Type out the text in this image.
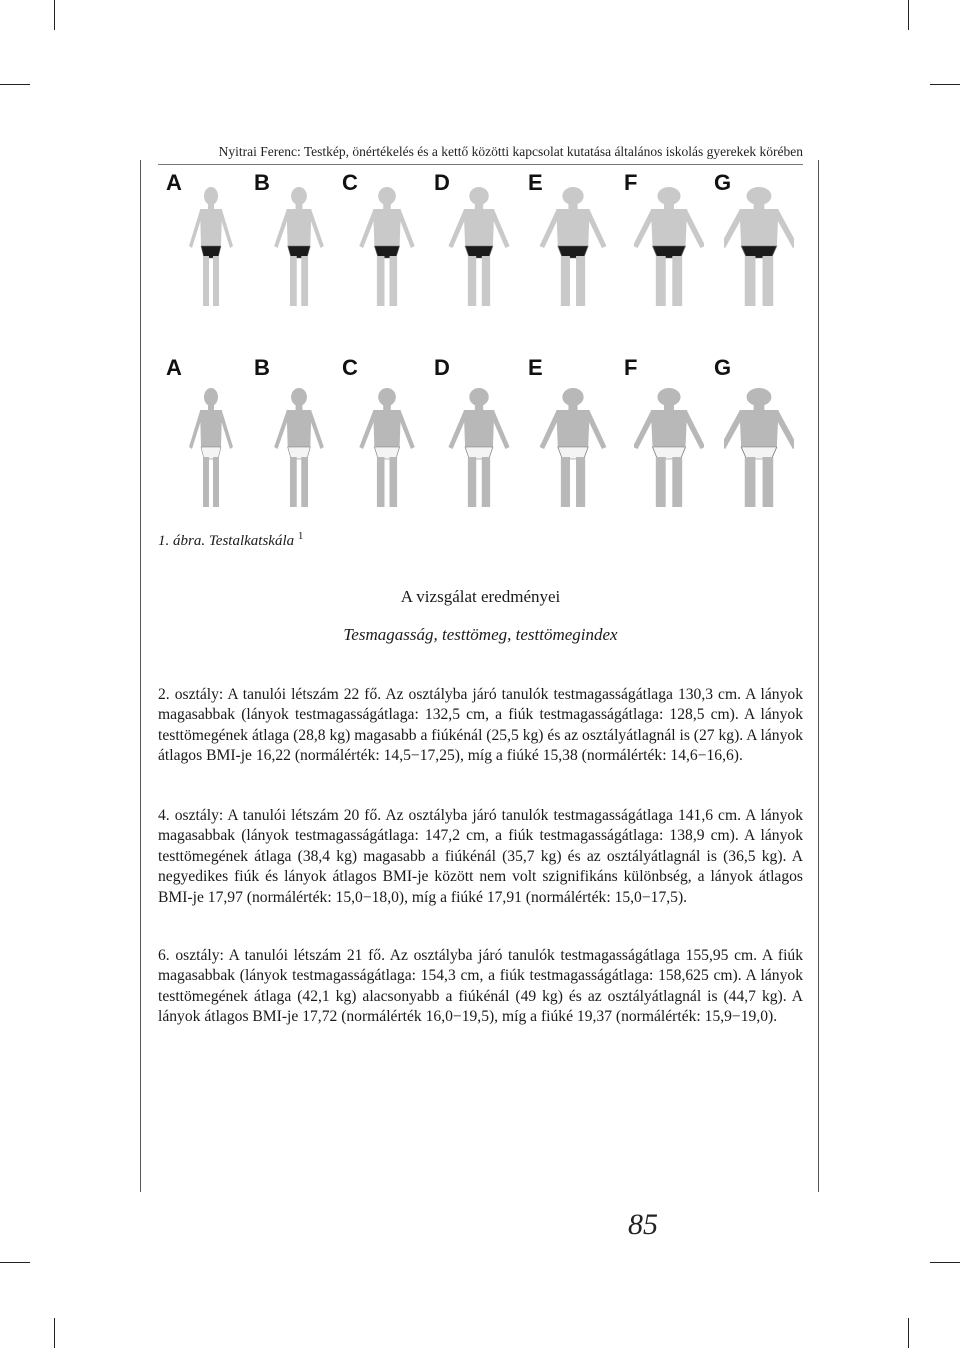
Nyitrai Ferenc: Testkép, önértékelés és a kettő közötti kapcsolat kutatása általános iskolás gyerekek körében
A	B	C	D	E	F	G
A	B	C	D	E	F	G
1. ábra. Testalkatskála $^1$
A vizsgálat eredményei
Tesmagasság, testtömeg, testtömegindex

2. osztály: A tanulói létszám 22 fő. Az osztályba járó tanulók testmagasságátlaga 130,3 cm. A lányok magasabbak (lányok testmagasságátlaga: 132,5 cm, a fiúk testmagasságátlaga: 128,5 cm). A lányok testtömegének átlaga (28,8 kg) magasabb a fiúkénál (25,5 kg) és az osztályátlagnál is (27 kg). A lányok átlagos BMI-je 16,22 (normálérték: 14,5−17,25), míg a fiúké 15,38 (normálérték: 14,6−16,6).

4. osztály: A tanulói létszám 20 fő. Az osztályba járó tanulók testmagasságátlaga 141,6 cm. A lányok magasabbak (lányok testmagasságátlaga: 147,2 cm, a fiúk testmagasságátlaga: 138,9 cm). A lányok testtömegének átlaga (38,4 kg) magasabb a fiúkénál (35,7 kg) és az osztályátlagnál is (36,5 kg). A negyedikes fiúk és lányok átlagos BMI-je között nem volt szignifikáns különbség, a lányok átlagos BMI-je 17,97 (normálérték: 15,0−18,0), míg a fiúké 17,91 (normálérték: 15,0−17,5).

6. osztály: A tanulói létszám 21 fő. Az osztályba járó tanulók testmagasságátlaga 155,95 cm. A fiúk magasabbak (lányok testmagasságátlaga: 154,3 cm, a fiúk testmagasságátlaga: 158,625 cm). A lányok testtömegének átlaga (42,1 kg) alacsonyabb a fiúkénál (49 kg) és az osztályátlagnál is (44,7 kg). A lányok átlagos BMI-je 17,72 (normálérték 16,0−19,5), míg a fiúké 19,37 (normálérték: 15,9−19,0).

85
